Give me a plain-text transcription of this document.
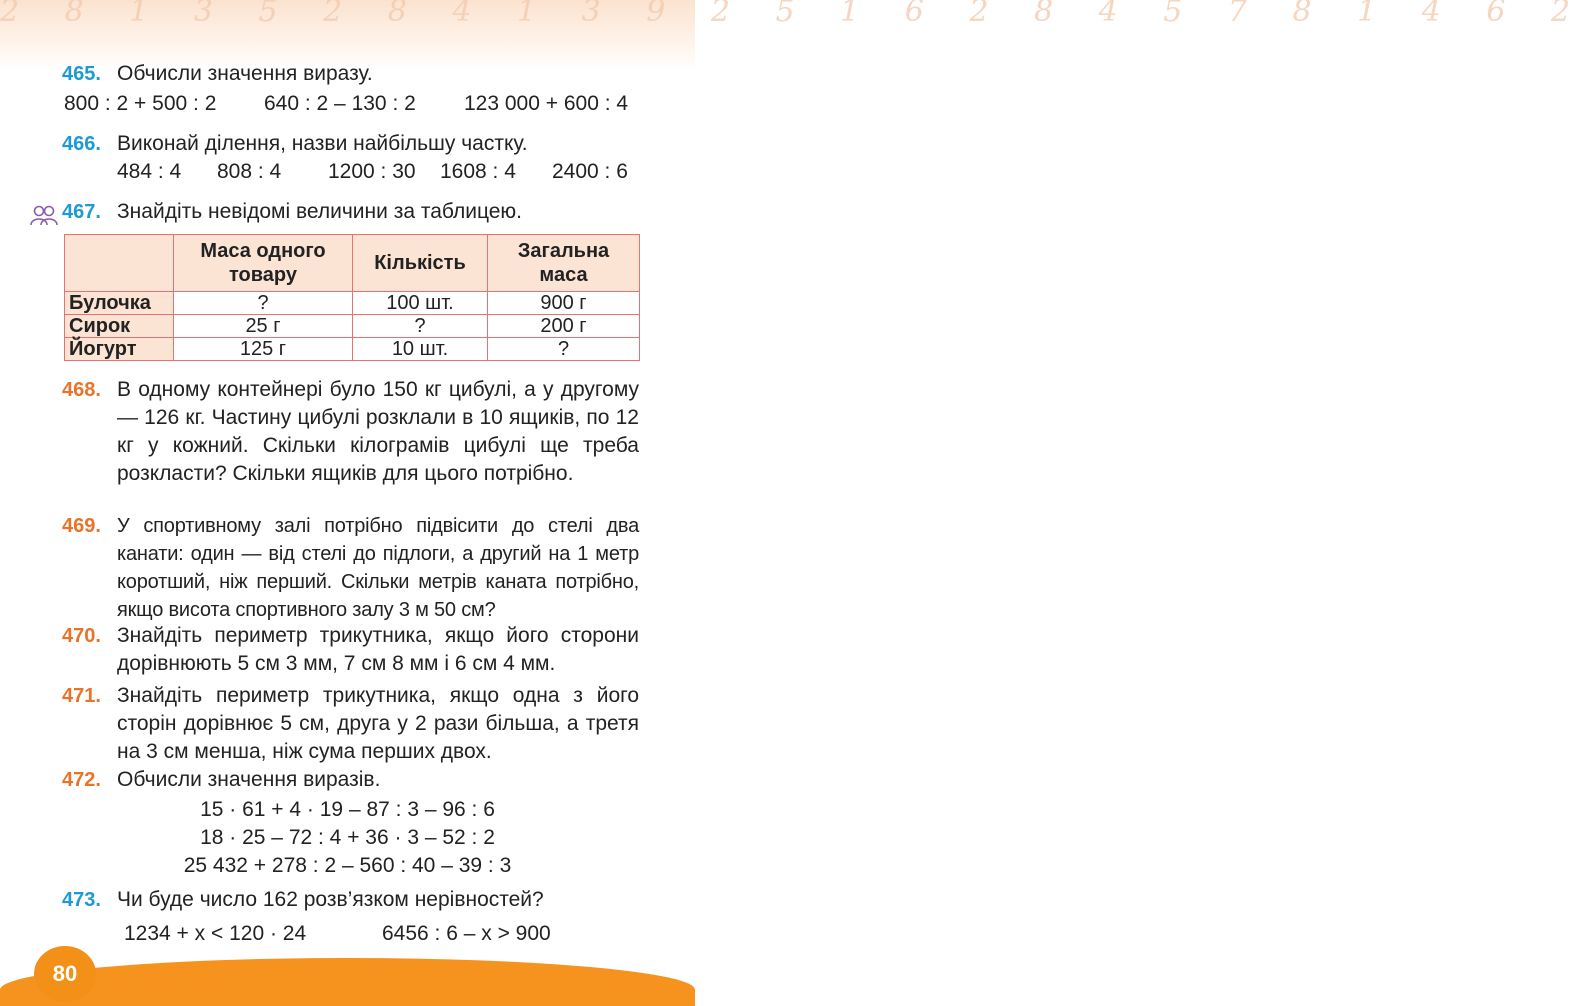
2 8 1 3 5 2 8 4 1 3 9 2 5 1 6 2 8 4 5 7 8 1 4 6 2
465. Обчисли значення виразу.
800 : 2 + 500 : 2 640 : 2 – 130 : 2 123 000 + 600 : 4
466. Виконай ділення, назви найбільшу частку.
484 : 4 808 : 4 1200 : 30 1608 : 4 2400 : 6
467. Знайдіть невідомі величини за таблицею.
	Маса одного товару	Кількість	Загальна маса
Булочка	?	100 шт.	900 г
Сирок	25 г	?	200 г
Йогурт	125 г	10 шт.	?
468. В одному контейнері було 150 кг цибулі, а у другому — 126 кг. Частину цибулі розклали в 10 ящиків, по 12 кг у кожний. Скільки кілограмів цибулі ще треба розкласти? Скільки ящиків для цього потрібно.
469. У спортивному залі потрібно підвісити до стелі два канати: один — від стелі до підлоги, а другий на 1 метр коротший, ніж перший. Скільки метрів каната потрібно, якщо висота спортивного залу 3 м 50 см?
470. Знайдіть периметр трикутника, якщо його сторони дорівнюють 5 см 3 мм, 7 см 8 мм і 6 см 4 мм.
471. Знайдіть периметр трикутника, якщо одна з його сторін дорівнює 5 см, друга у 2 рази більша, а третя на 3 см менша, ніж сума перших двох.
472. Обчисли значення виразів.
15 · 61 + 4 · 19 – 87 : 3 – 96 : 6
18 · 25 – 72 : 4 + 36 · 3 – 52 : 2
25 432 + 278 : 2 – 560 : 40 – 39 : 3
473. Чи буде число 162 розв’язком нерівностей?
1234 + x < 120 · 24	6456 : 6 – x > 900
80
